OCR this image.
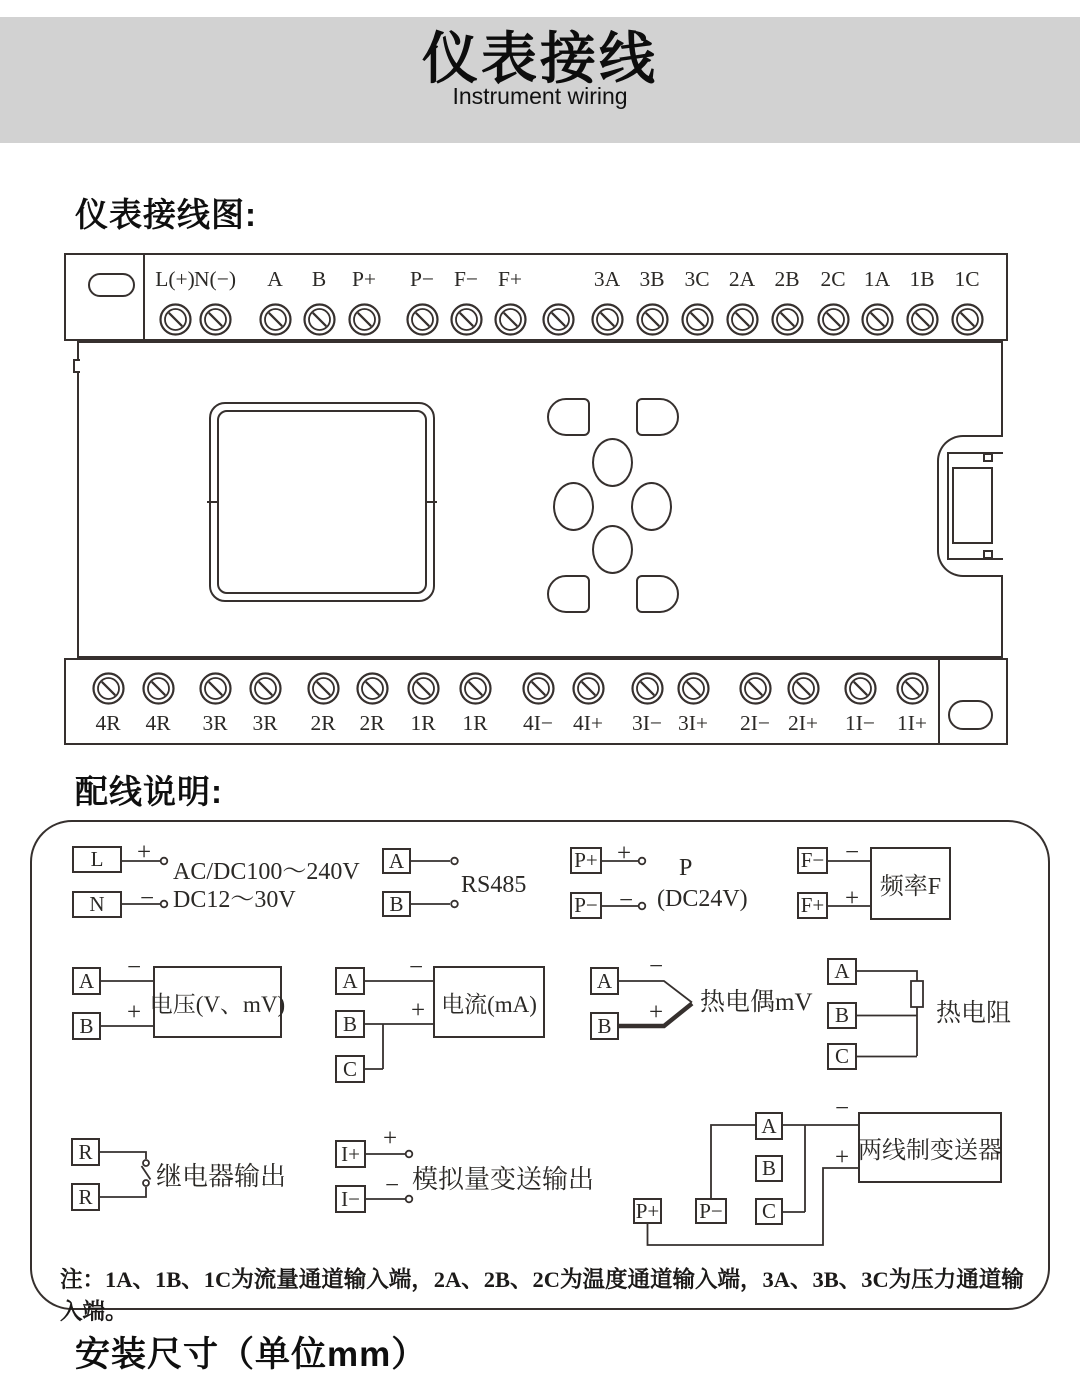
仪表接线
Instrument wiring
仪表接线图:
配线说明:
安装尺寸（单位mm）
L(+) N(−) A B P+ P− F− F+	3A 3B 3C 2A 2B 2C 1A 1B 1C
4R 4R 3R 3R 2R 2R 1R 1R 4I− 4I+ 3I− 3I+ 2I− 2I+ 1I− 1I+
L
N
+
−
AC/DC100～240V
DC12～30V
A
B
RS485
P+
P−
+
−
P
(DC24V)
F−
F+
−
+ 频率F
A
B
−
+ 电压(V、mV)
A
B
C
−
+ 电流(mA)
A
B
−
+ 热电偶mV
A
B
C
热电阻
R
R
继电器输出
I+
I−
+
− 模拟量变送输出
A
B
C
P+ P−
−
+ 两线制变送器
注：1A、1B、1C为流量通道输入端，2A、2B、2C为温度通道输入端，3A、3B、3C为压力通道输入端。
